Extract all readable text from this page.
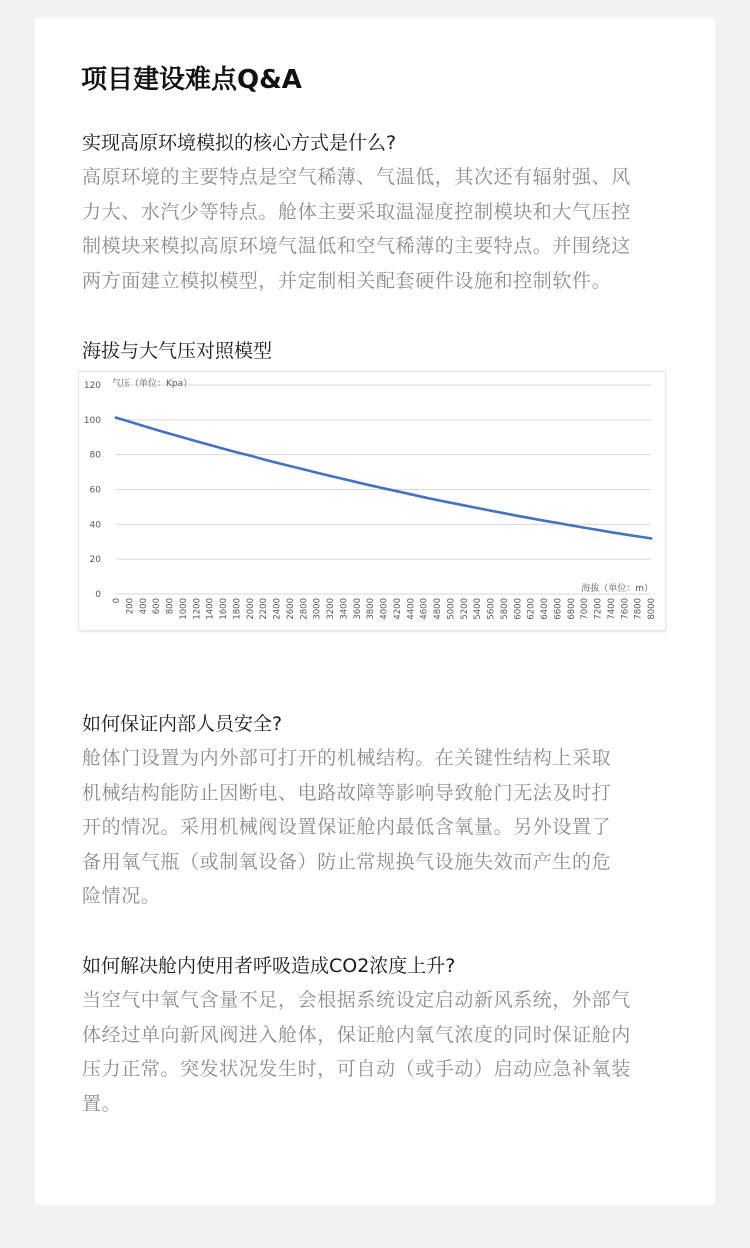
项目建设难点Q&A

实现高原环境模拟的核心方式是什么?

高原环境的主要特点是空气稀薄、气温低，其次还有辐射强、风
力大、水汽少等特点。舱体主要采取温湿度控制模块和大气压控
制模块来模拟高原环境气温低和空气稀薄的主要特点。并围绕这
两方面建立模拟模型，并定制相关配套硬件设施和控制软件。

海拔与大气压对照模型
0
20
40
60
80
100
120
0 200 400 600 800 1000 1200 1400 1600 1800 2000 2200 2400 2600 2800 3000 3200 3400 3600 3800 4000 4200 4400 4600 4800 5000 5200 5400 5600 5800 6000 6200 6400 6600 6800 7000 7200 7400 7600 7800 8000
气压（单位：Kpa）
海拔（单位：m）

如何保证内部人员安全?

舱体门设置为内外部可打开的机械结构。在关键性结构上采取
机械结构能防止因断电、电路故障等影响导致舱门无法及时打
开的情况。采用机械阀设置保证舱内最低含氧量。另外设置了
备用氧气瓶（或制氧设备）防止常规换气设施失效而产生的危
险情况。

如何解决舱内使用者呼吸造成CO2浓度上升?

当空气中氧气含量不足，会根据系统设定启动新风系统，外部气
体经过单向新风阀进入舱体，保证舱内氧气浓度的同时保证舱内
压力正常。突发状况发生时，可自动（或手动）启动应急补氧装
置。
